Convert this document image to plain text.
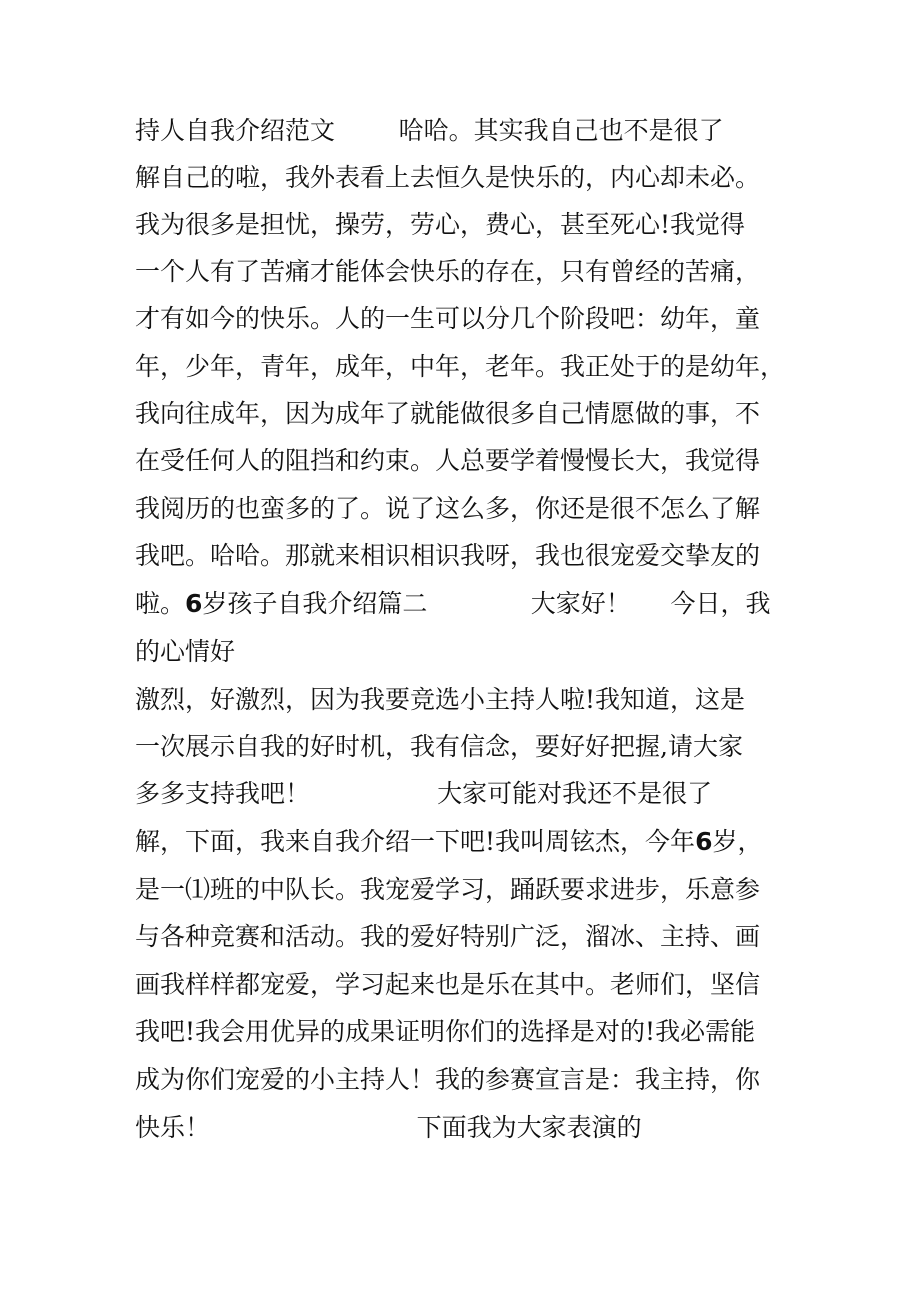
持人自我介绍范文        哈哈。其实我自己也不是很了

解自己的啦，我外表看上去恒久是快乐的，内心却未必。

我为很多是担忧，操劳，劳心，费心，甚至死心!我觉得

一个人有了苦痛才能体会快乐的存在，只有曾经的苦痛，

才有如今的快乐。人的一生可以分几个阶段吧：幼年，童

年，少年，青年，成年，中年，老年。我正处于的是幼年，

我向往成年，因为成年了就能做很多自己情愿做的事，不

在受任何人的阻挡和约束。人总要学着慢慢长大，我觉得

我阅历的也蛮多的了。说了这么多，你还是很不怎么了解

我吧。哈哈。那就来相识相识我呀，我也很宠爱交挚友的

啦。6岁孩子自我介绍篇二             大家好！     今日，我

的心情好

激烈，好激烈，因为我要竞选小主持人啦!我知道，这是

一次展示自我的好时机，我有信念，要好好把握,请大家

多多支持我吧！                大家可能对我还不是很了

解，下面，我来自我介绍一下吧!我叫周铉杰，今年6岁，

是一⑴班的中队长。我宠爱学习，踊跃要求进步，乐意参

与各种竞赛和活动。我的爱好特别广泛，溜冰、主持、画

画我样样都宠爱，学习起来也是乐在其中。老师们，坚信

我吧!我会用优异的成果证明你们的选择是对的!我必需能

成为你们宠爱的小主持人！我的参赛宣言是：我主持，你

快乐！                          下面我为大家表演的
